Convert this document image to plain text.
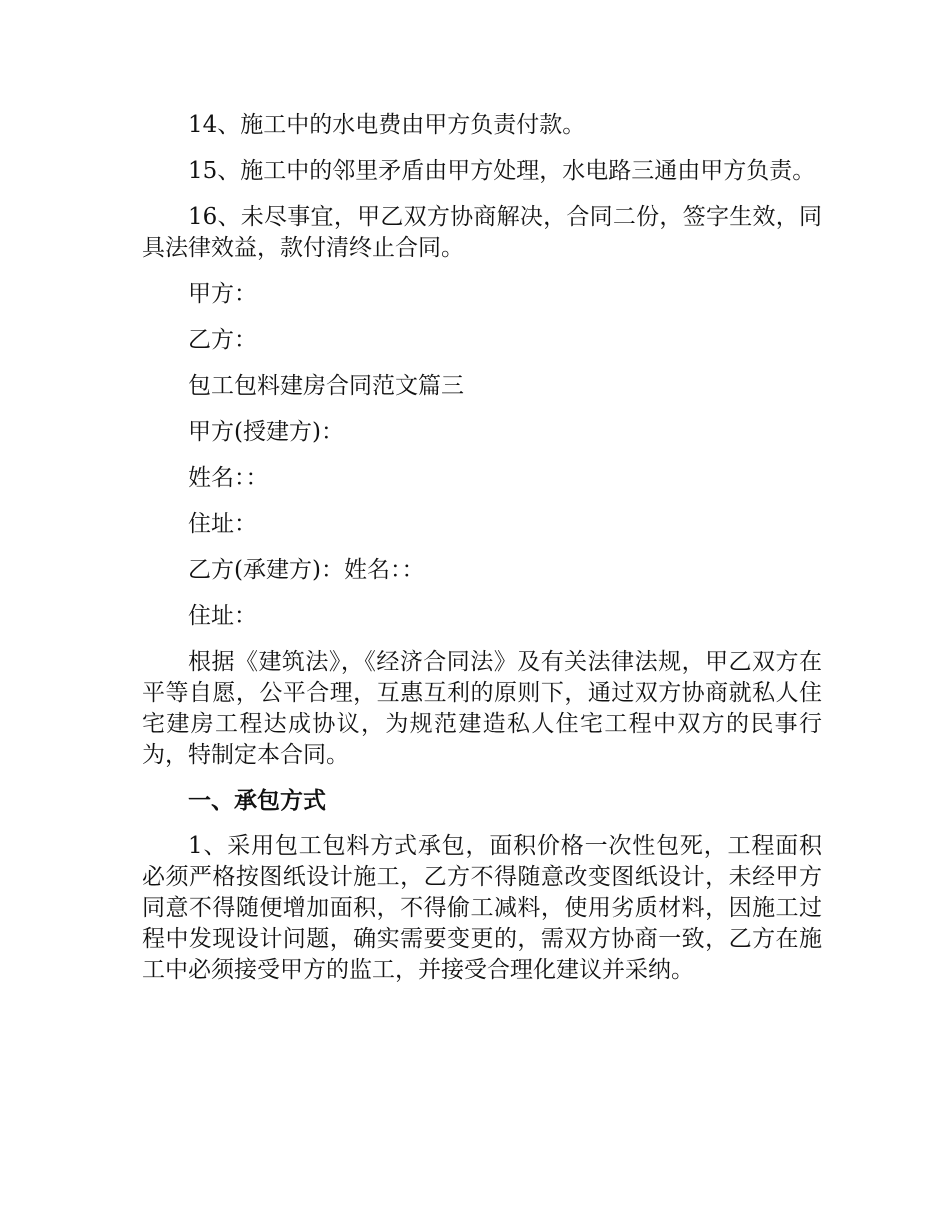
14、施工中的水电费由甲方负责付款。

15、施工中的邻里矛盾由甲方处理，水电路三通由甲方负责。

16、未尽事宜，甲乙双方协商解决，合同二份，签字生效，同具法律效益，款付清终止合同。

甲方：

乙方：

包工包料建房合同范文篇三

甲方(授建方)：

姓名：：

住址：

乙方(承建方)：姓名：：

住址：

根据《建筑法》，《经济合同法》及有关法律法规，甲乙双方在平等自愿，公平合理，互惠互利的原则下，通过双方协商就私人住宅建房工程达成协议，为规范建造私人住宅工程中双方的民事行为，特制定本合同。

一、承包方式

1、采用包工包料方式承包，面积价格一次性包死，工程面积必须严格按图纸设计施工，乙方不得随意改变图纸设计，未经甲方同意不得随便增加面积，不得偷工减料，使用劣质材料，因施工过程中发现设计问题，确实需要变更的，需双方协商一致，乙方在施工中必须接受甲方的监工，并接受合理化建议并采纳。
